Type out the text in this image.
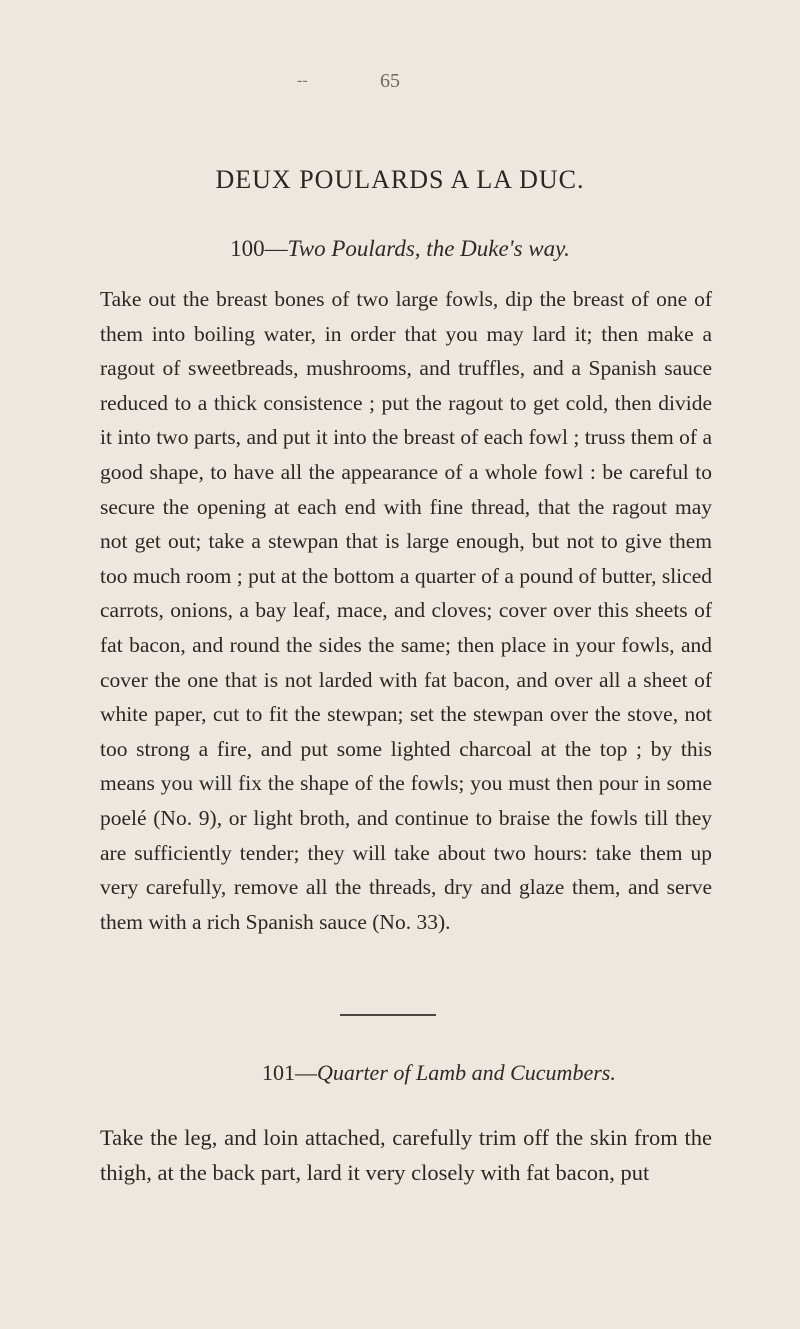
--	65
DEUX POULARDS A LA DUC.
100—Two Poulards, the Duke's way.

Take out the breast bones of two large fowls, dip the breast of one of them into boiling water, in order that you may lard it; then make a ragout of sweetbreads, mushrooms, and truffles, and a Spanish sauce reduced to a thick consistence ; put the ragout to get cold, then divide it into two parts, and put it into the breast of each fowl ; truss them of a good shape, to have all the appearance of a whole fowl : be careful to secure the opening at each end with fine thread, that the ragout may not get out; take a stewpan that is large enough, but not to give them too much room ; put at the bottom a quarter of a pound of butter, sliced carrots, onions, a bay leaf, mace, and cloves; cover over this sheets of fat bacon, and round the sides the same; then place in your fowls, and cover the one that is not larded with fat bacon, and over all a sheet of white paper, cut to fit the stewpan; set the stewpan over the stove, not too strong a fire, and put some lighted charcoal at the top ; by this means you will fix the shape of the fowls; you must then pour in some poelé (No. 9), or light broth, and continue to braise the fowls till they are sufficiently tender; they will take about two hours: take them up very carefully, remove all the threads, dry and glaze them, and serve them with a rich Spanish sauce (No. 33).

101—Quarter of Lamb and Cucumbers.

Take the leg, and loin attached, carefully trim off the skin from the thigh, at the back part, lard it very closely with fat bacon, put
